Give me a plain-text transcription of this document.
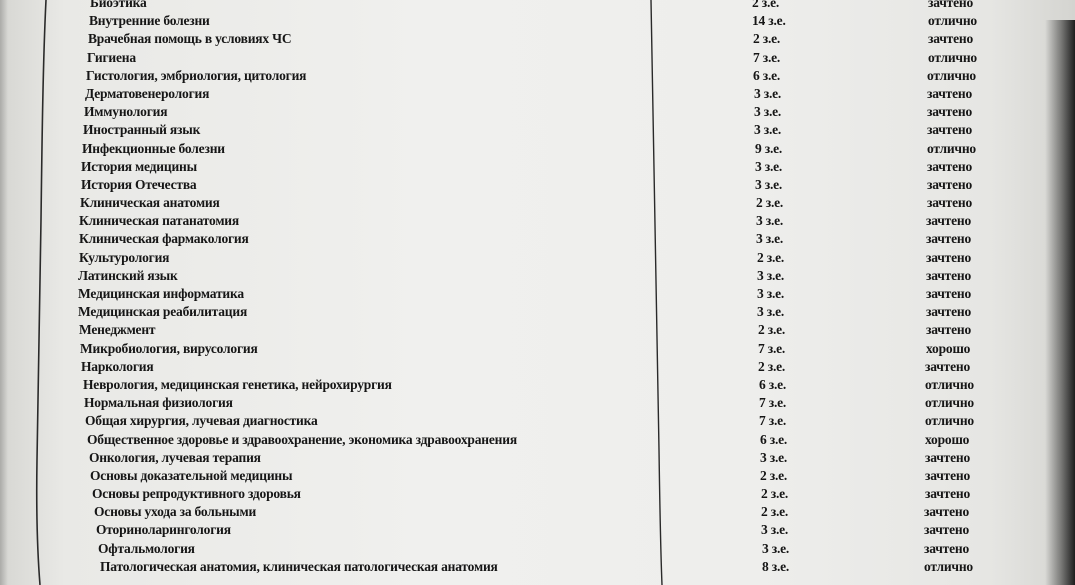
Биоэтика	2 з.е.	зачтено
Внутренние болезни	14 з.е.	отлично
Врачебная помощь в условиях ЧС	2 з.е.	зачтено
Гигиена	7 з.е.	отлично
Гистология, эмбриология, цитология	6 з.е.	отлично
Дерматовенерология	3 з.е.	зачтено
Иммунология	3 з.е.	зачтено
Иностранный язык	3 з.е.	зачтено
Инфекционные болезни	9 з.е.	отлично
История медицины	3 з.е.	зачтено
История Отечества	3 з.е.	зачтено
Клиническая анатомия	2 з.е.	зачтено
Клиническая патанатомия	3 з.е.	зачтено
Клиническая фармакология	3 з.е.	зачтено
Культурология	2 з.е.	зачтено
Латинский язык	3 з.е.	зачтено
Медицинская информатика	3 з.е.	зачтено
Медицинская реабилитация	3 з.е.	зачтено
Менеджмент	2 з.е.	зачтено
Микробиология, вирусология	7 з.е.	хорошо
Наркология	2 з.е.	зачтено
Неврология, медицинская генетика, нейрохирургия	6 з.е.	отлично
Нормальная физиология	7 з.е.	отлично
Общая хирургия, лучевая диагностика	7 з.е.	отлично
Общественное здоровье и здравоохранение, экономика здравоохранения	6 з.е.	хорошо
Онкология, лучевая терапия	3 з.е.	зачтено
Основы доказательной медицины	2 з.е.	зачтено
Основы репродуктивного здоровья	2 з.е.	зачтено
Основы ухода за больными	2 з.е.	зачтено
Оториноларингология	3 з.е.	зачтено
Офтальмология	3 з.е.	зачтено
Патологическая анатомия, клиническая патологическая анатомия	8 з.е.	отлично
